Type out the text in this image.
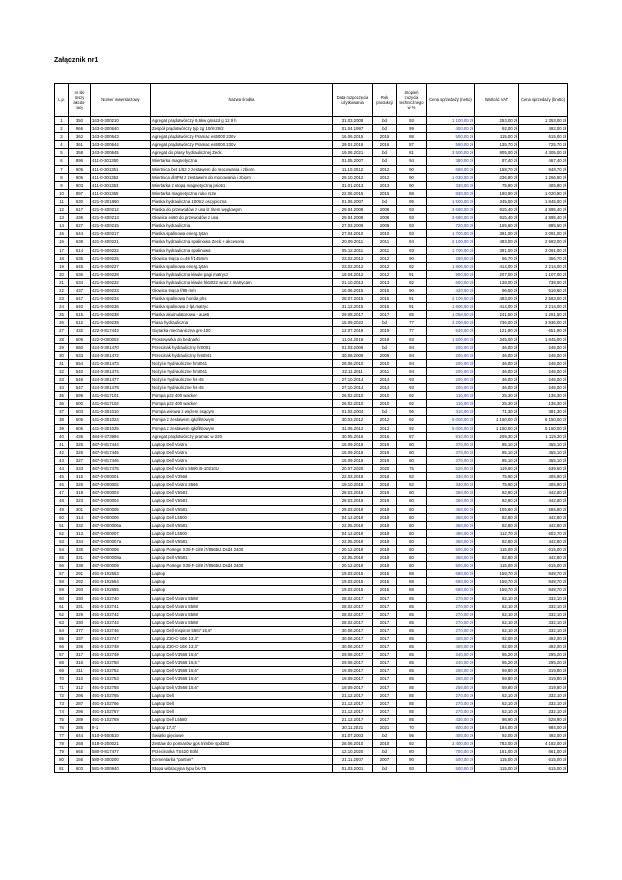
Załącznik nr1
L.p.	nr ski mszy akcdo- wej	Numer inwentarzowy	Nazwa środka	Data rozpoczęcia użytkowania	Rok produkcji	Stopień zużycia technicznego w %	Cena sprzedaży (netto)	Wartość VAT	Cena sprzedaży (brutto)
1	350	343-0-300210	Agregat prądotwórczy 9,6kw gniazd g 12 tł h	31.03.2008	bd	93	1 100,00 zł	253,00 zł	1 353,00 zł
2	966	343-0-300640	Zespół prądotwórczy typ zg 10/8-29/2	01.04.1997	bd	99	400,00 zł	92,00 zł	492,00 zł
3	362	343-0-300643	Agregat prądotwórczy Pramac es5000 230v	16.06.2015	2015	88	500,00 zł	115,00 zł	615,00 zł
4	361	343-0-300644	Agregat prądotwórczy Pramac es5000 230v	29.01.2016	2016	87	590,00 zł	135,70 zł	725,70 zł
5	358	343-0-300645	Agregat do prasy hydraulicznej Zeck	19.06.2021	bd	81	3 500,00 zł	805,00 zł	4 305,00 zł
6	896	411-0-301350	Wiertarka magnetyczna	01.05.2007	bd	94	380,00 zł	87,40 zł	467,40 zł
7	905	411-0-301351	Wiertnica bet 1/52 z zestawem do mocowania i zbiorn	11.10.2012	2012	90	690,00 zł	158,70 zł	848,70 zł
8	906	411-0-301352	Wiertnica dl4FM z zestawem do mocowania i zbiorn	29.10.2012	2012	90	1 030,00 zł	236,90 zł	1 266,90 zł
9	903	411-0-301353	Wiertarka z stopą magnetyczną prio51	31.01.2013	2013	90	330,00 zł	75,90 zł	405,90 zł
10	897	411-0-301355	Wiertarka magnetyczna ruko rs2e	22.06.2015	2015	88	830,00 zł	190,90 zł	1 020,90 zł
11	630	421-0-301860	Piaska hydrauliczna 100tcz oscypiczna	01.06.2007	bd	95	1 500,00 zł	345,00 zł	1 845,00 zł
12	617	421-0-400212	Piaska do przewodów z usa łz ritem węglowym	29.04.2008	2008	93	3 680,00 zł	915,40 zł	4 895,40 zł
13	436	421-0-400213	Głowica es60 do przewodów z usa	29.04.2008	2008	93	3 680,00 zł	915,40 zł	4 895,40 zł
14	627	421-0-400215	Piaska hydrauliczna	27.03.2009	2009	93	720,00 zł	165,60 zł	885,60 zł
15	644	421-0-400217	Piaska spalinowa energ.tytan	27.04.2010	2010	93	1 700,00 zł	391,00 zł	2 091,00 zł
16	638	421-0-400221	Piaska hydrauliczna spalinowa Zeck + akcesoria	20.09.2011	2011	94	2 100,00 zł	483,00 zł	2 583,00 zł
17	614	421-0-400222	Piaska hydrauliczna spalinowa	05.12.2011	2011	93	1 700,00 zł	391,00 zł	2 091,00 zł
18	635	421-0-400225	Głowica tnąca o=45 f/145mm	23.02.2012	2012	90	290,00 zł	66,70 zł	356,70 zł
19	645	421-0-400227	Piaska spalinowa energ.tytan	23.02.2012	2012	92	1 800,00 zł	414,00 zł	2 214,00 zł
20	636	421-0-400228	Piaska hydrauliczna kłaule pagi matrycz	18.04.2012	2012	91	900,00 zł	207,00 zł	1 107,00 zł
21	634	421-0-400232	Piaska hydrauliczna kłaule hk5022 wraz z matrycam	21.10.2013	2013	92	600,00 zł	138,00 zł	738,00 zł
22	437	421-0-400233	Głowica tnąca f/85 mm	16.06.2015	2015	90	420,00 zł	96,60 zł	516,60 zł
23	647	421-0-400234	Piaska spalinowa honda phs	28.07.2015	2015	91	2 100,00 zł	483,00 zł	2 583,00 zł
24	640	421-0-400236	Piaska spalinowa z łpt.matryc	31.12.2015	2015	91	1 800,00 zł	414,00 zł	2 214,00 zł
25	615	421-0-400238	Piaska akumulatorowa - auw5	29.08.2017	2017	85	1 050,00 zł	241,50 zł	1 291,50 zł
26	612	421-0-400239	Piasa hydrauliczna	15.09.2022	bd	77	3 200,00 zł	736,00 zł	3 936,00 zł
27	432	422-0-817443	Giętarka mechaniczna gm-100	12.07.2019	2019	77	530,00 zł	121,90 zł	651,90 zł
28	609	422-0-000002	Prostowarka do bednarki	11.04.2019	2019	83	1 500,00 zł	345,00 zł	1 845,00 zł
29	660	424-0-301470	Przecinak hydrauliczny hr0001	01.03.2006	bd	94	200,00 zł	46,00 zł	246,00 zł
30	633	424-0-301472	Przecinak hydrauliczny hmt041	30.06.2009	2009	94	200,00 zł	46,00 zł	246,00 zł
31	554	421-0-301473	Nożyce hydrauliczne hmt041	28.06.2010	2010	94	200,00 zł	46,00 zł	246,00 zł
32	540	424-0-301474	Nożyce hydrauliczne hmt041	22.11.2011	2011	94	200,00 zł	46,00 zł	246,00 zł
33	546	424-0-301477	Nożyce hydrauliczne hs-45	27.10.2014	2014	93	200,00 zł	46,00 zł	246,00 zł
34	547	424-0-301478	Nożyce hydrauliczne hs-45	27.10.2014	2014	93	200,00 zł	46,00 zł	246,00 zł
35	599	441-0-817101	Pompa pz2 400 wacker	26.02.2010	2010	92	110,00 zł	25,30 zł	135,30 zł
36	600	441-0-817102	Pompa pz2 400 wacker	26.02.2010	2010	92	110,00 zł	25,30 zł	135,30 zł
37	603	441-0-301010	Pompa wirowa z wężem ssącym	01.02.2004	bd	96	310,00 zł	71,30 zł	381,30 zł
38	605	441-0-301024	Pompa z zestawem igłofiltrowym	30.03.2012	2012	92	5 000,00 zł	1 150,00 zł	6 150,00 zł
39	606	441-0-301025	Pompa z zestawem igłofiltrowym	31.05.2012	2012	92	5 000,00 zł	1 150,00 zł	6 150,00 zł
40	436	484-0-473994	Agregat prądotwórczy pramac w 220	30.05.2016	2016	87	910,00 zł	209,30 zł	1 119,30 zł
41	325	487-0-817444	Laptop Dell Vostro	15.09.2019	2019	80	370,00 zł	85,10 zł	455,10 zł
42	326	487-0-817445	Laptop Dell Vostro	15.09.2019	2019	80	370,00 zł	85,10 zł	455,10 zł
43	327	487-0-817446	Laptop Dell Vostro	15.09.2019	2019	80	370,00 zł	85,10 zł	455,10 zł
44	333	487-0-817475	Laptop Dell Vostro 5590 i5-10210U	20.07.2020	2020	75	520,00 zł	119,60 zł	639,60 zł
45	315	487-0-000001	Laptop Dell V3566	22.03.2018	2018	82	330,00 zł	75,90 zł	405,90 zł
46	326	487-0-000002	Laptop Dell Vostro 3566	19.10.2018	2018	82	330,00 zł	75,90 zł	405,90 zł
47	318	487-0-000003	Laptop Dell V5581	28.03.2019	2019	80	360,00 zł	82,80 zł	442,80 zł
48	323	487-0-000004	Laptop Dell V5581	28.03.2019	2019	80	360,00 zł	82,80 zł	442,80 zł
49	301	487-0-000005	Laptop Dell V5581	29.03.2019	2019	80	460,00 zł	105,80 zł	565,80 zł
50	314	487-0-000006	Laptop Dell L5500	04.12.2019	2019	80	360,00 zł	82,80 zł	442,80 zł
51	332	487-0-000006a	Laptop Dell V5581	22.05.2019	2019	80	360,00 zł	82,80 zł	442,80 zł
52	313	487-0-000007	Laptop Dell L5500	04.12.2019	2019	80	490,00 zł	112,70 zł	602,70 zł
53	334	487-0-000007a	Laptop Dell V5581	22.05.2019	2019	80	360,00 zł	82,80 zł	442,80 zł
54	335	487-0-000008	Laptop Portege X30-F-159 i7/8565U Dsd4 2400	20.12.2019	2019	80	500,00 zł	115,00 zł	615,00 zł
55	331	487-0-000008a	Laptop Dell V5581	22.05.2019	2019	80	360,00 zł	82,80 zł	442,80 zł
56	338	487-0-000009	Laptop Portege X30-F-159 i7/8565U Dsd4 2400	20.12.2019	2019	80	500,00 zł	115,00 zł	615,00 zł
57	291	491-0-102653	Laptop	19.03.2015	2015	88	690,00 zł	158,70 zł	848,70 zł
58	292	491-0-102654	Laptop	19.03.2015	2015	88	690,00 zł	158,70 zł	848,70 zł
59	293	491-0-102655	Laptop	19.03.2015	2015	88	690,00 zł	158,70 zł	848,70 zł
60	330	491-0-102740	Laptop Dell Vostro 5568	28.02.2017	2017	85	270,00 zł	62,10 zł	332,10 zł
61	331	491-0-102741	Laptop Dell Vostro 5568	28.02.2017	2017	85	270,00 zł	62,10 zł	332,10 zł
62	329	491-0-102742	Laptop Dell Vostro 5568	28.02.2017	2017	85	270,00 zł	62,10 zł	332,10 zł
63	330	491-0-102743	Laptop Dell Vostro 5568	28.02.2017	2017	85	270,00 zł	62,10 zł	332,10 zł
64	377	491-0-102746	Laptop Dell Inspiron 5567 15,6"	30.06.2017	2017	85	270,00 zł	62,10 zł	332,10 zł
65	337	491-0-102747	Laptop Z30-C-16K 13,3"	30.06.2017	2017	85	400,00 zł	92,00 zł	492,00 zł
66	336	491-0-102748	Laptop Z30-C-16K 13,3"	30.06.2017	2017	85	400,00 zł	92,00 zł	492,00 zł
67	317	491-0-102749	Laptop Dell V3568 15,6"	29.08.2017	2017	85	240,00 zł	55,20 zł	295,20 zł
68	316	491-0-102750	Laptop Dell V3568 15,6 "	29.08.2017	2017	85	240,00 zł	55,20 zł	295,20 zł
69	311	491-0-102752	Laptop Dell V3568 15,6"	19.09.2017	2017	85	260,00 zł	59,80 zł	319,80 zł
70	310	491-0-102753	Laptop Dell V3568 15,6"	19.09.2017	2017	85	260,00 zł	59,80 zł	319,80 zł
71	312	491-0-102755	Laptop Dell V3568 15,6"	19.09.2017	2017	85	260,00 zł	59,80 zł	319,80 zł
72	296	491-0-102765	Laptop Dell	21.12.2017	2017	85	270,00 zł	62,10 zł	332,10 zł
73	287	491-0-102766	Laptop Dell	21.12.2017	2017	85	270,00 zł	62,10 zł	332,10 zł
74	296	491-0-102767	Laptop Dell	21.12.2017	2017	85	270,00 zł	62,10 zł	332,10 zł
75	289	491-0-102769	Laptop Dell L5580	21.12.2017	2017	85	430,00 zł	98,90 zł	528,90 zł
76	285	8-1	Laptop 17,3"	30.11.2021	2021	70	800,00 zł	184,00 zł	984,00 zł
77	644	510-0-500510	Światło gięciowe	01.07.2003	bd	95	400,00 zł	92,00 zł	492,00 zł
78	268	518-0-200021	Zestaw do pomiarów gps trimble spd382	28.06.2010	2010	92	3 400,00 zł	782,00 zł	4 182,00 zł
79	665	580-0-817477	Przecinarka TS420 Stihl	12.10.2020	bd	80	700,00 zł	161,00 zł	861,00 zł
80	156	580-0-300200	Cementarka "partner"	21.11.2007	2007	90	500,00 zł	115,00 zł	615,00 zł
81	603	581-0-300940	Stopa wibracyjna typu bs-75	01.03.2001	bd	93	500,00 zł	115,00 zł	615,00 zł
